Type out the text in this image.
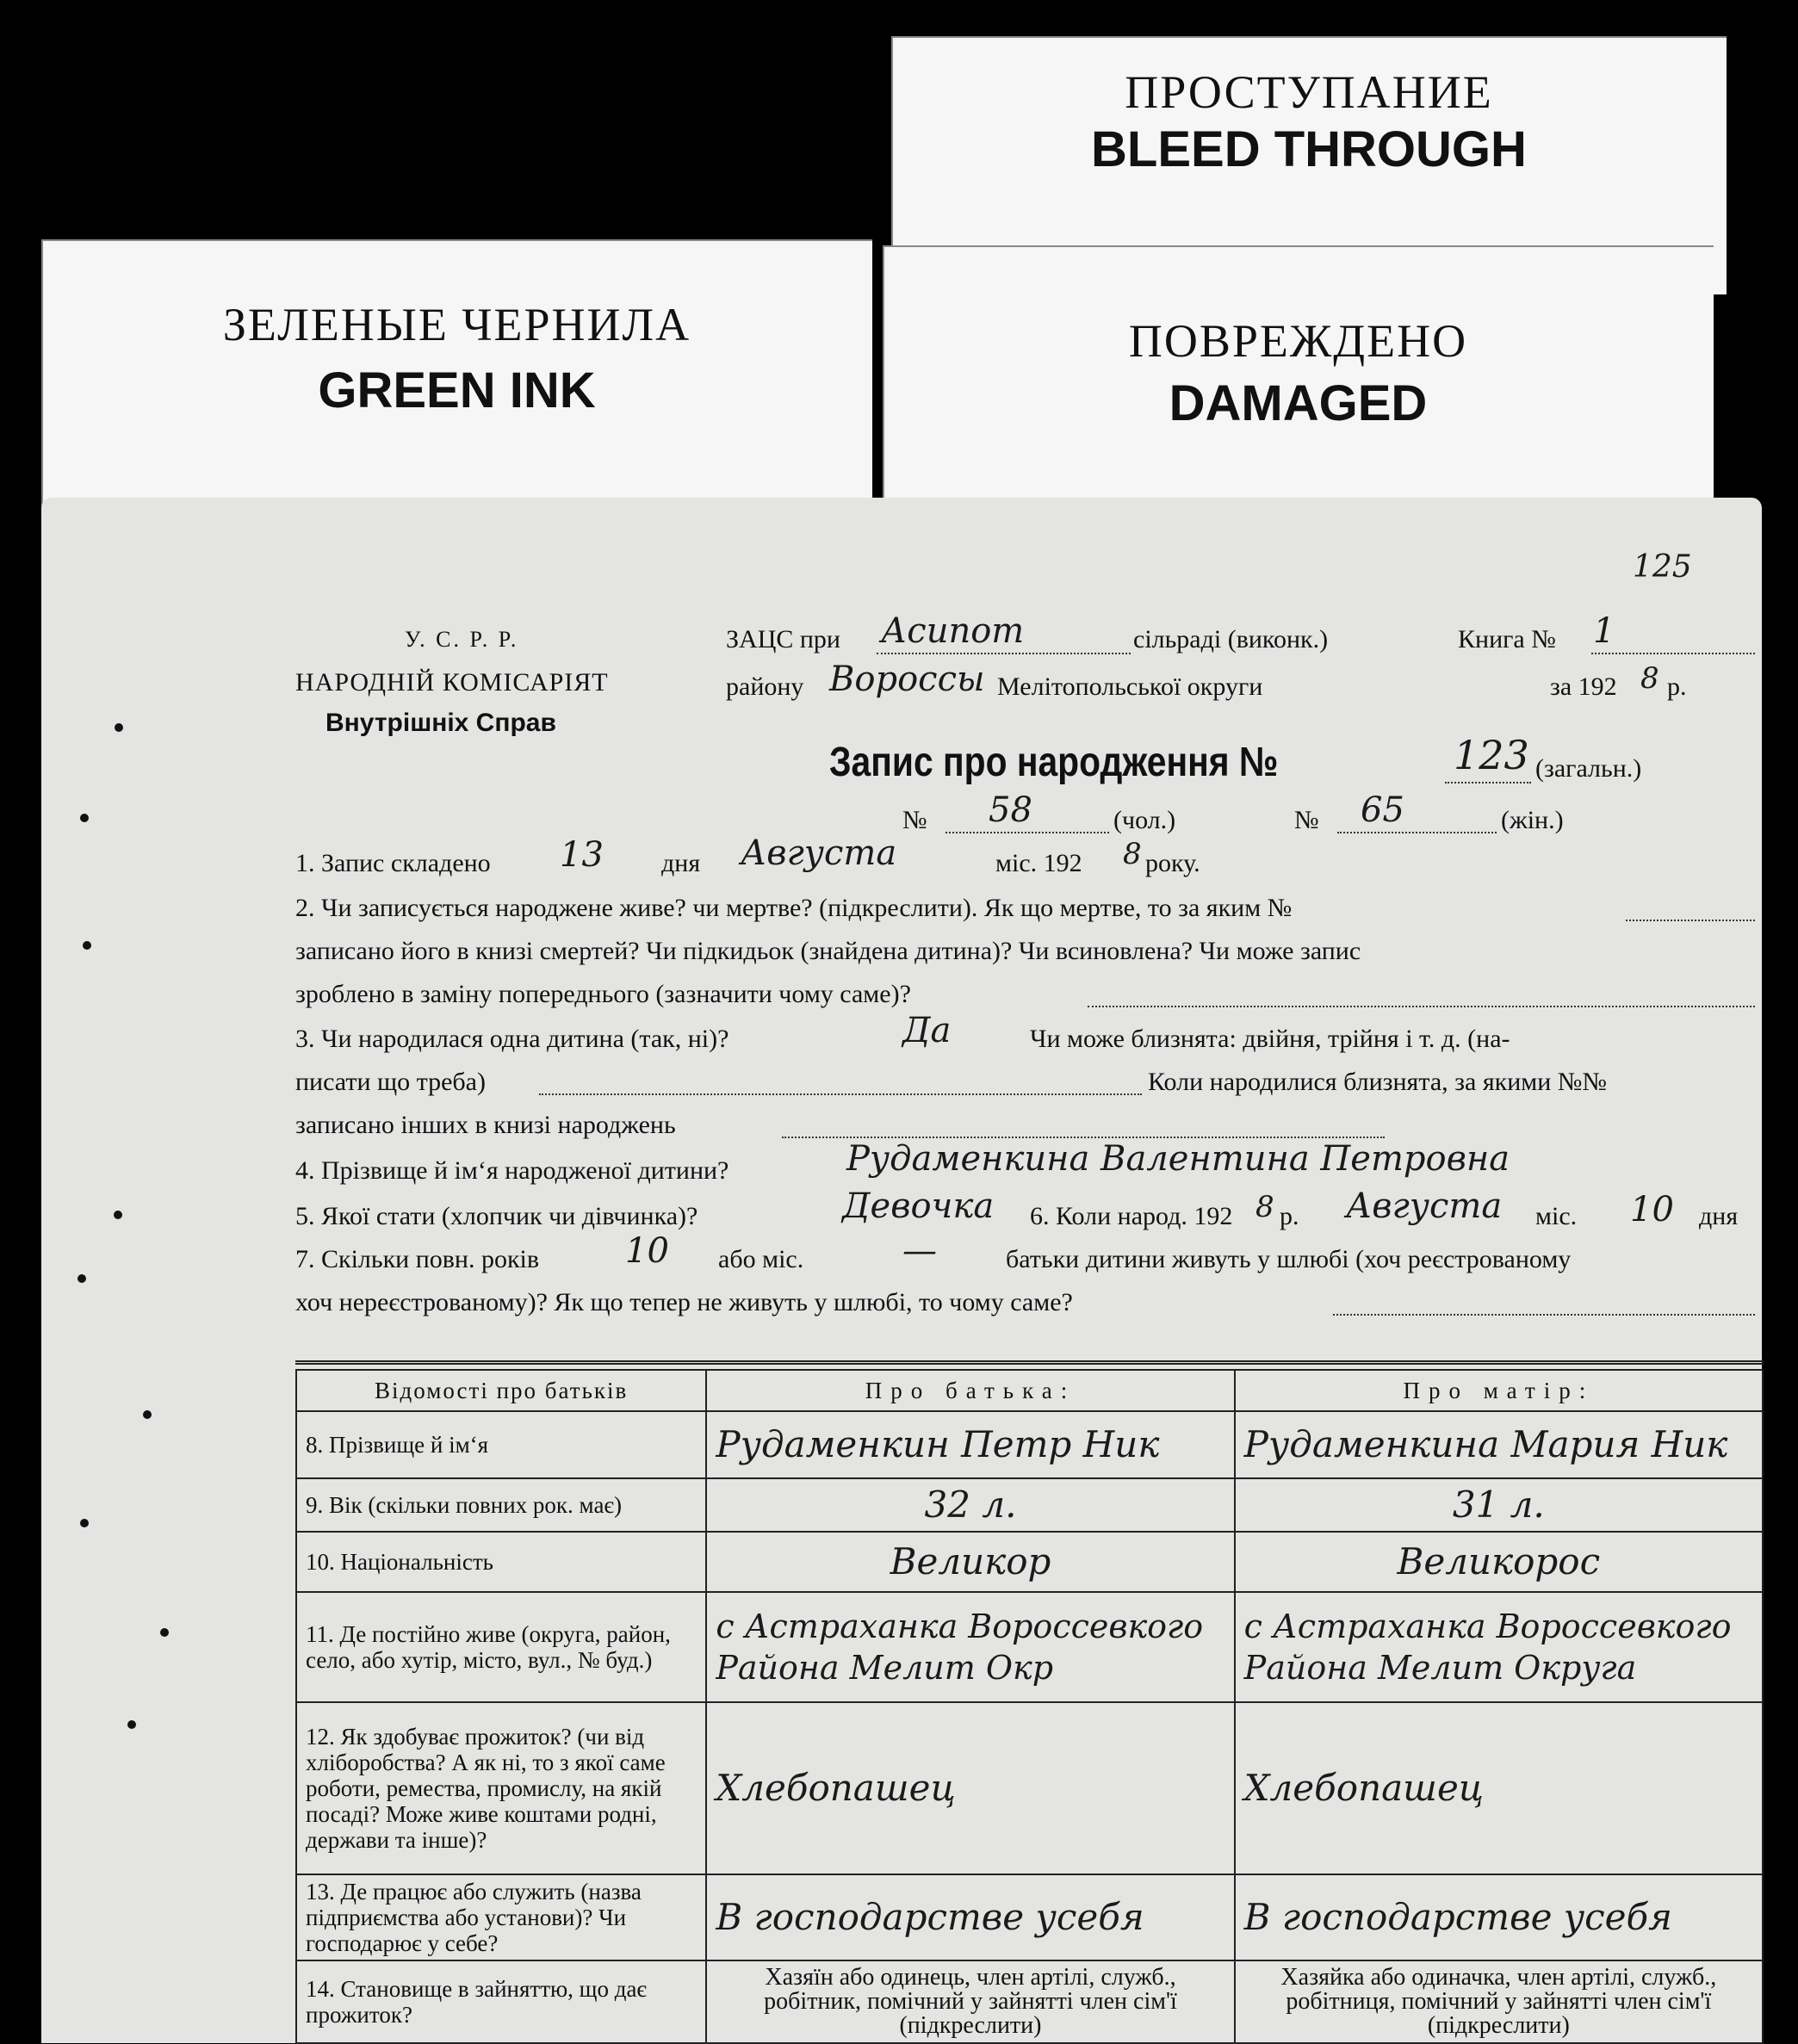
ПРОСТУПАНИЕ
BLEED THROUGH
ЗЕЛЕНЫЕ ЧЕРНИЛА
GREEN INK
ПОВРЕЖДЕНО
DAMAGED
125
У. С. Р. Р.
НАРОДНІЙ КОМІСАРІЯТ
Внутрішніх Справ
ЗАЦС при Асипот	сільраді (виконк.)	Книга № 1
району Вороссы Мелітопольської округи	за 192 8 р.
Запис про народження №	123 (загальн.)
№ 58	(чол.)	№ 65	(жін.)
1. Запис складено 13 дня Августа	міс. 192 8 року.
2. Чи записується народжене живе? чи мертве? (підкреслити). Як що мертве, то за яким №
записано його в книзі смертей? Чи підкидьок (знайдена дитина)? Чи всиновлена? Чи може запис
зроблено в заміну попереднього (зазначити чому саме)?
3. Чи народилася одна дитина (так, ні)?	Да	Чи може близнята: двійня, трійня і т. д. (на-
писати що треба)	Коли народилися близнята, за якими №№
записано інших в книзі народжень
4. Прізвище й ім‘я народженої дитини?	Рудаменкина Валентина Петровна
5. Якої стати (хлопчик чи дівчинка)?	Девочка 6. Коли народ. 192 8 р. Августа міс. 10 дня
7. Скільки повн. років 10 або міс.	—	батьки дитини живуть у шлюбі (хоч реєстрованому
хоч нереєстрованому)? Як що тепер не живуть у шлюбі, то чому саме?
Відомості про батьків	Про батька:	Про матір:
8. Прізвище й ім‘я	Рудаменкин Петр Ник	Рудаменкина Мария Ник
9. Вік (скільки повних рок. має)	32 л.	31 л.
10. Національність	Великор	Великорос
11. Де постійно живе (округа, район, село, або хутір, місто, вул., № буд.)	с Астраханка Вороссевкого Района Мелит Окр	с Астраханка Вороссевкого Района Мелит Округа
12. Як здобуває прожиток? (чи від хліборобства? А як ні, то з якої саме роботи, ремества, промислу, на якій посаді? Може живе коштами родні, держави та інше)?	Хлебопашец	Хлебопашец
13. Де працює або служить (назва підприємства або установи)? Чи господарює у себе?	В господарстве усебя	В господарстве усебя
14. Становище в зайняттю, що дає прожиток?	Хазяїн або одинець, член артілі, служб., робітник, помічний у зайнятті член сім'ї (підкреслити)	Хазяйка або одиначка, член артілі, служб., робітниця, помічний у зайнятті член сім'ї (підкреслити)
